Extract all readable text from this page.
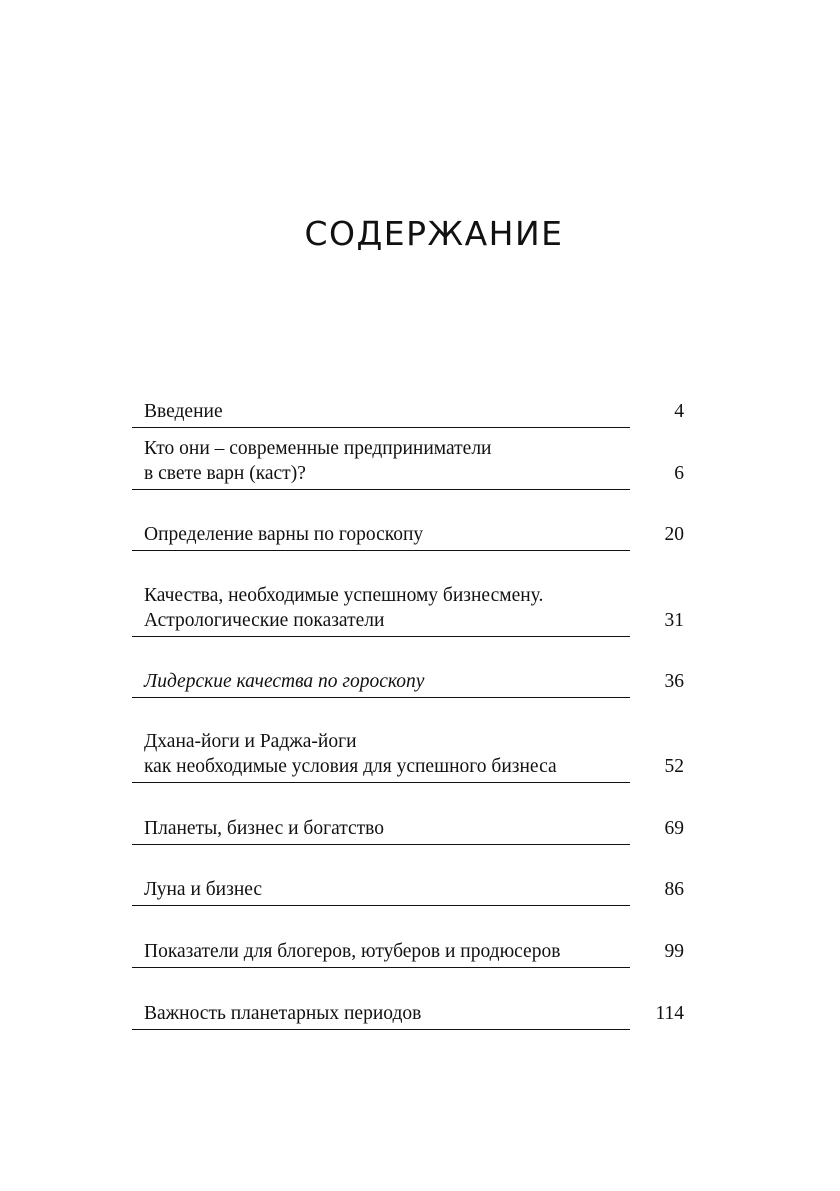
СОДЕРЖАНИЕ
Введение	4
Кто они – современные предприниматели
в свете варн (каст)?	6
Определение варны по гороскопу	20
Качества, необходимые успешному бизнесмену.
Астрологические показатели	31
Лидерские качества по гороскопу	36
Дхана-йоги и Раджа-йоги
как необходимые условия для успешного бизнеса	52
Планеты, бизнес и богатство	69
Луна и бизнес	86
Показатели для блогеров, ютуберов и продюсеров	99
Важность планетарных периодов	114
